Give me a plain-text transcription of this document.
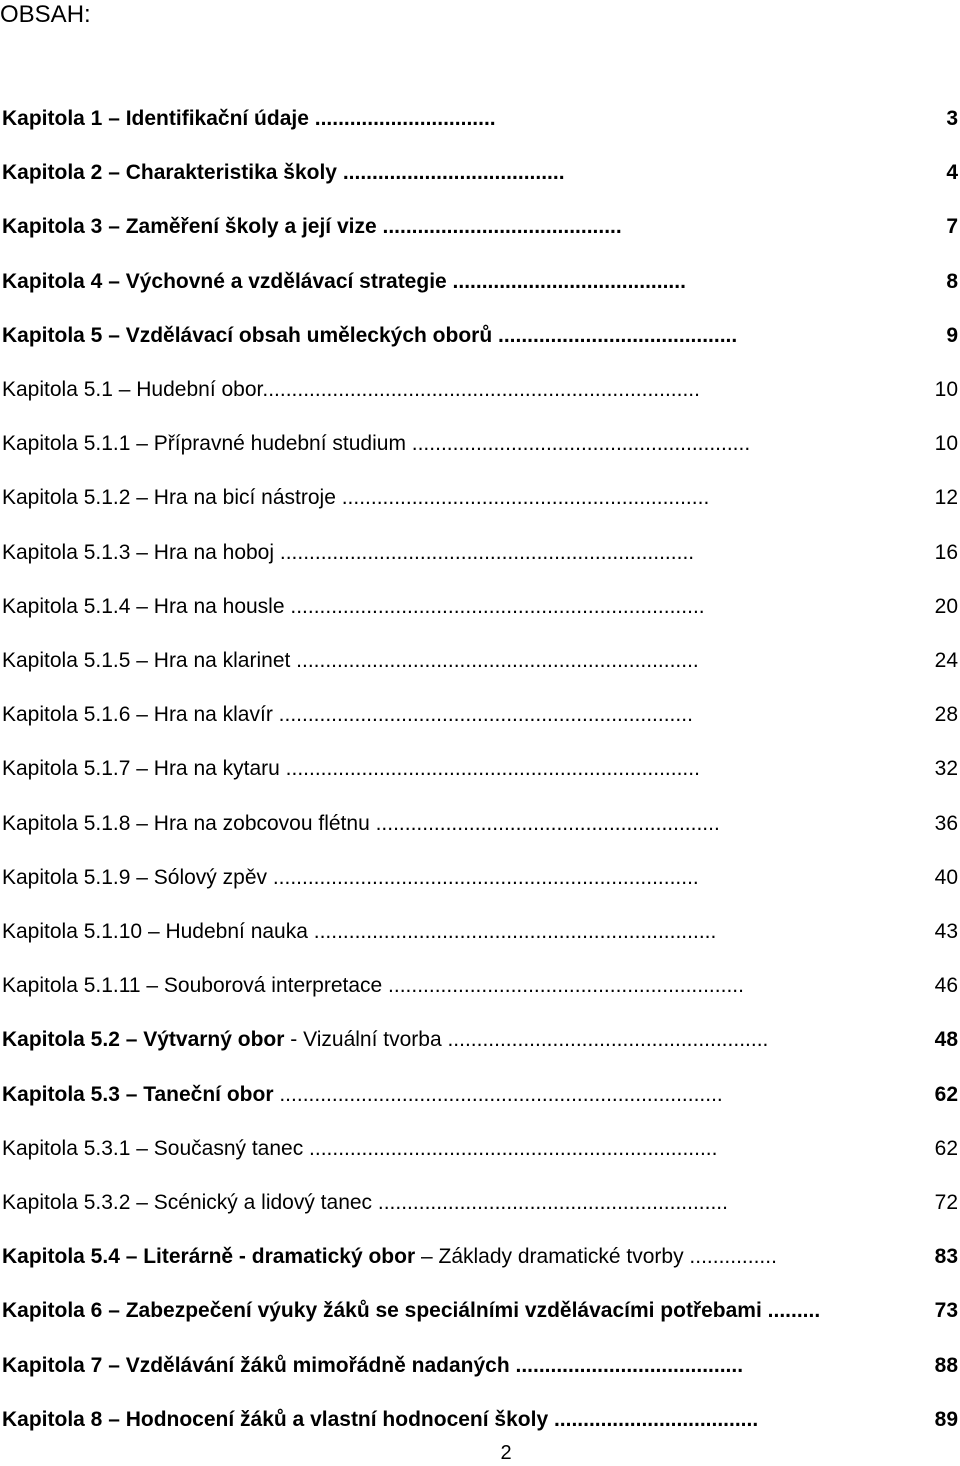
OBSAH:
Kapitola 1 – Identifikační údaje ...............................	3
Kapitola 2 – Charakteristika školy ......................................	4
Kapitola 3 – Zaměření školy a její vize .........................................	7
Kapitola 4 – Výchovné a vzdělávací strategie ........................................	8
Kapitola 5 – Vzdělávací obsah uměleckých oborů .........................................	9
Kapitola 5.1 – Hudební obor...........................................................................	10
Kapitola 5.1.1 – Přípravné hudební studium ..........................................................	10
Kapitola 5.1.2 – Hra na bicí nástroje ...............................................................	12
Kapitola 5.1.3 – Hra na hoboj .......................................................................	16
Kapitola 5.1.4 – Hra na housle .......................................................................	20
Kapitola 5.1.5 – Hra na klarinet .....................................................................	24
Kapitola 5.1.6 – Hra na klavír .......................................................................	28
Kapitola 5.1.7 – Hra na kytaru .......................................................................	32
Kapitola 5.1.8 – Hra na zobcovou flétnu ...........................................................	36
Kapitola 5.1.9 – Sólový zpěv .........................................................................	40
Kapitola 5.1.10 – Hudební nauka .....................................................................	43
Kapitola 5.1.11 – Souborová interpretace .............................................................	46
Kapitola 5.2 – Výtvarný obor - Vizuální tvorba .......................................................	48
Kapitola 5.3 – Taneční obor ............................................................................	62
Kapitola 5.3.1 – Současný tanec ......................................................................	62
Kapitola 5.3.2 – Scénický a lidový tanec ............................................................	72
Kapitola 5.4 – Literárně - dramatický obor – Základy dramatické tvorby ...............	83
Kapitola 6 – Zabezpečení výuky žáků se speciálními vzdělávacími potřebami .........	73
Kapitola 7 – Vzdělávání žáků mimořádně nadaných .......................................	88
Kapitola 8 – Hodnocení žáků a vlastní hodnocení školy ...................................	89
2
